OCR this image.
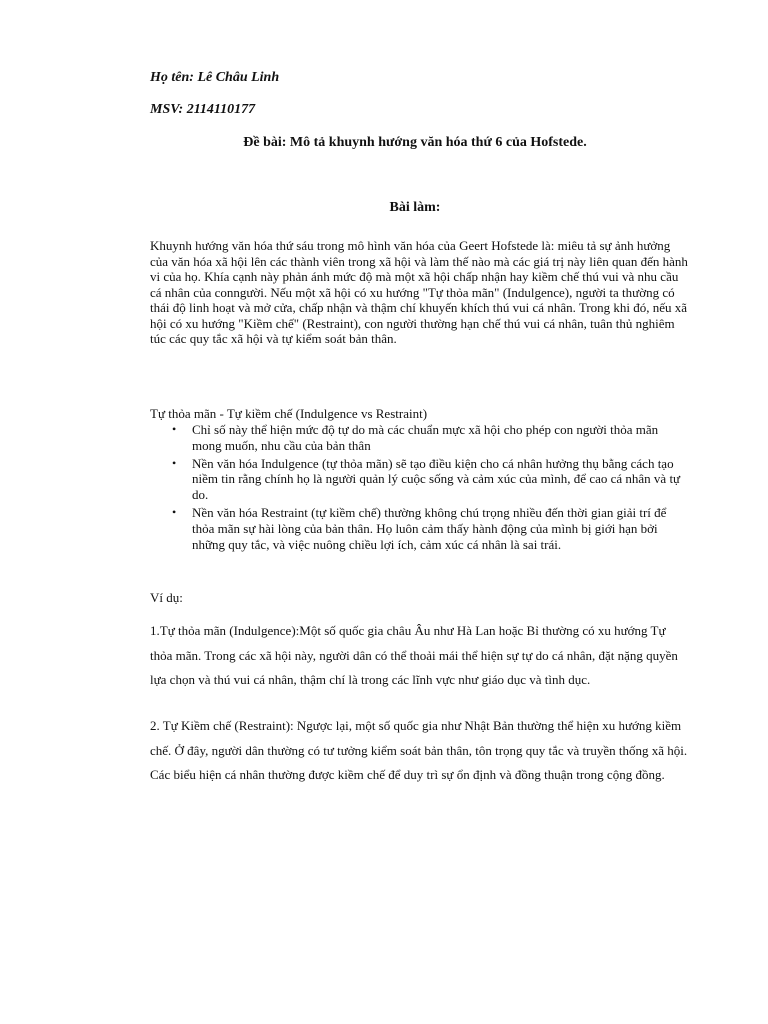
Họ tên: Lê Châu Linh

MSV: 2114110177

Đề bài: Mô tả khuynh hướng văn hóa thứ 6 của Hofstede.

Bài làm:

Khuynh hướng văn hóa thứ sáu trong mô hình văn hóa của Geert Hofstede là: miêu tả sự ảnh hưởng của văn hóa xã hội lên các thành viên trong xã hội và làm thế nào mà các giá trị này liên quan đến hành vi của họ. Khía cạnh này phản ánh mức độ mà một xã hội chấp nhận hay kiềm chế thú vui và nhu cầu cá nhân của conngười. Nếu một xã hội có xu hướng "Tự thỏa mãn" (Indulgence), người ta thường có thái độ linh hoạt và mở cửa, chấp nhận và thậm chí khuyến khích thú vui cá nhân. Trong khi đó, nếu xã hội có xu hướng "Kiềm chế" (Restraint), con người thường hạn chế thú vui cá nhân, tuân thủ nghiêm túc các quy tắc xã hội và tự kiểm soát bản thân.

Tự thỏa mãn - Tự kiềm chế (Indulgence vs Restraint)

• Chỉ số này thể hiện mức độ tự do mà các chuẩn mực xã hội cho phép con người thỏa mãn mong muốn, nhu cầu của bản thân
• Nền văn hóa Indulgence (tự thỏa mãn) sẽ tạo điều kiện cho cá nhân hưởng thụ bằng cách tạo niềm tin rằng chính họ là người quản lý cuộc sống và cảm xúc của mình, để cao cá nhân và tự do.
• Nền văn hóa Restraint (tự kiềm chế) thường không chú trọng nhiều đến thời gian giải trí để thỏa mãn sự hài lòng của bản thân. Họ luôn cảm thấy hành động của mình bị giới hạn bởi những quy tắc, và việc nuông chiều lợi ích, cảm xúc cá nhân là sai trái.

Ví dụ:

1.Tự thỏa mãn (Indulgence):Một số quốc gia châu Âu như Hà Lan hoặc Bỉ thường có xu hướng Tự thỏa mãn. Trong các xã hội này, người dân có thể thoải mái thể hiện sự tự do cá nhân, đặt nặng quyền lựa chọn và thú vui cá nhân, thậm chí là trong các lĩnh vực như giáo dục và tình dục.

2. Tự Kiềm chế (Restraint): Ngược lại, một số quốc gia như Nhật Bản thường thể hiện xu hướng kiềm chế. Ở đây, người dân thường có tư tưởng kiểm soát bản thân, tôn trọng quy tắc và truyền thống xã hội. Các biểu hiện cá nhân thường được kiềm chế để duy trì sự ổn định và đồng thuận trong cộng đồng.
